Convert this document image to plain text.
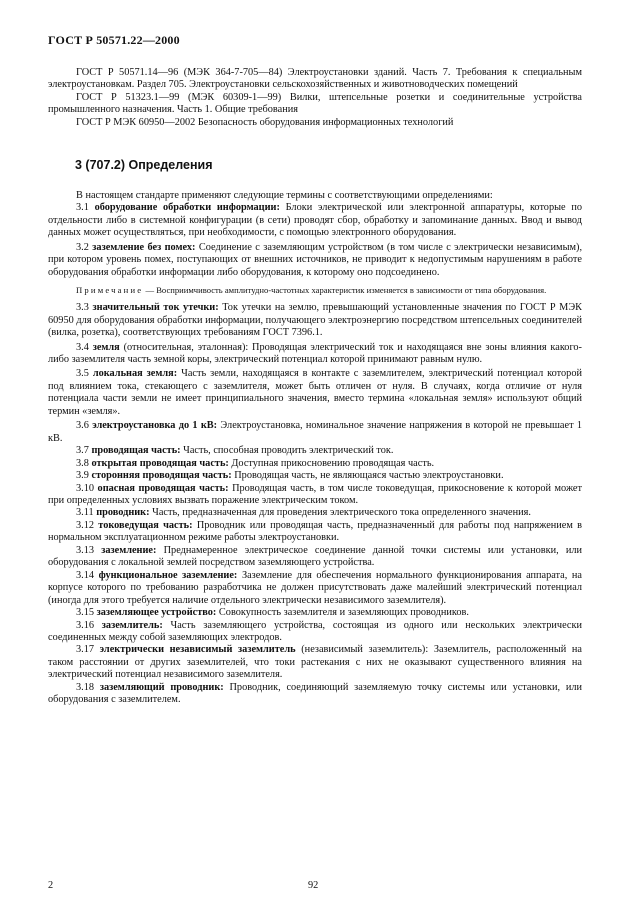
ГОСТ Р 50571.22—2000

ГОСТ Р 50571.14—96 (МЭК 364-7-705—84) Электроустановки зданий. Часть 7. Требования к специальным электроустановкам. Раздел 705. Электроустановки сельскохозяйственных и животноводческих помещений

ГОСТ Р 51323.1—99 (МЭК 60309-1—99) Вилки, штепсельные розетки и соединительные устройства промышленного назначения. Часть 1. Общие требования

ГОСТ Р МЭК 60950—2002 Безопасность оборудования информационных технологий

3 (707.2) Определения

В настоящем стандарте применяют следующие термины с соответствующими определениями:

3.1 оборудование обработки информации: Блоки электрической или электронной аппаратуры, которые по отдельности либо в системной конфигурации (в сети) проводят сбор, обработку и запоминание данных. Ввод и вывод данных может осуществляться, при необходимости, с помощью электронного оборудования.

3.2 заземление без помех: Соединение с заземляющим устройством (в том числе с электрически независимым), при котором уровень помех, поступающих от внешних источников, не приводит к недопустимым нарушениям в работе оборудования обработки информации либо оборудования, к которому оно подсоединено.

Примечание — Восприимчивость амплитудно-частотных характеристик изменяется в зависимости от типа оборудования.

3.3 значительный ток утечки: Ток утечки на землю, превышающий установленные значения по ГОСТ Р МЭК 60950 для оборудования обработки информации, получающего электроэнергию посредством штепсельных соединителей (вилка, розетка), соответствующих требованиям ГОСТ 7396.1.

3.4 земля (относительная, эталонная): Проводящая электрический ток и находящаяся вне зоны влияния какого-либо заземлителя часть земной коры, электрический потенциал которой принимают равным нулю.

3.5 локальная земля: Часть земли, находящаяся в контакте с заземлителем, электрический потенциал которой под влиянием тока, стекающего с заземлителя, может быть отличен от нуля. В случаях, когда отличие от нуля потенциала части земли не имеет принципиального значения, вместо термина «локальная земля» используют общий термин «земля».

3.6 электроустановка до 1 кВ: Электроустановка, номинальное значение напряжения в которой не превышает 1 кВ.

3.7 проводящая часть: Часть, способная проводить электрический ток.

3.8 открытая проводящая часть: Доступная прикосновению проводящая часть.

3.9 сторонняя проводящая часть: Проводящая часть, не являющаяся частью электроустановки.

3.10 опасная проводящая часть: Проводящая часть, в том числе токоведущая, прикосновение к которой может при определенных условиях вызвать поражение электрическим током.

3.11 проводник: Часть, предназначенная для проведения электрического тока определенного значения.

3.12 токоведущая часть: Проводник или проводящая часть, предназначенный для работы под напряжением в нормальном эксплуатационном режиме работы электроустановки.

3.13 заземление: Преднамеренное электрическое соединение данной точки системы или установки, или оборудования с локальной землей посредством заземляющего устройства.

3.14 функциональное заземление: Заземление для обеспечения нормального функционирования аппарата, на корпусе которого по требованию разработчика не должен присутствовать даже малейший электрический потенциал (иногда для этого требуется наличие отдельного электрически независимого заземлителя).

3.15 заземляющее устройство: Совокупность заземлителя и заземляющих проводников.

3.16 заземлитель: Часть заземляющего устройства, состоящая из одного или нескольких электрически соединенных между собой заземляющих электродов.

3.17 электрически независимый заземлитель (независимый заземлитель): Заземлитель, расположенный на таком расстоянии от других заземлителей, что токи растекания с них не оказывают существенного влияния на электрический потенциал независимого заземлителя.

3.18 заземляющий проводник: Проводник, соединяющий заземляемую точку системы или установки, или оборудования с заземлителем.

2	92
